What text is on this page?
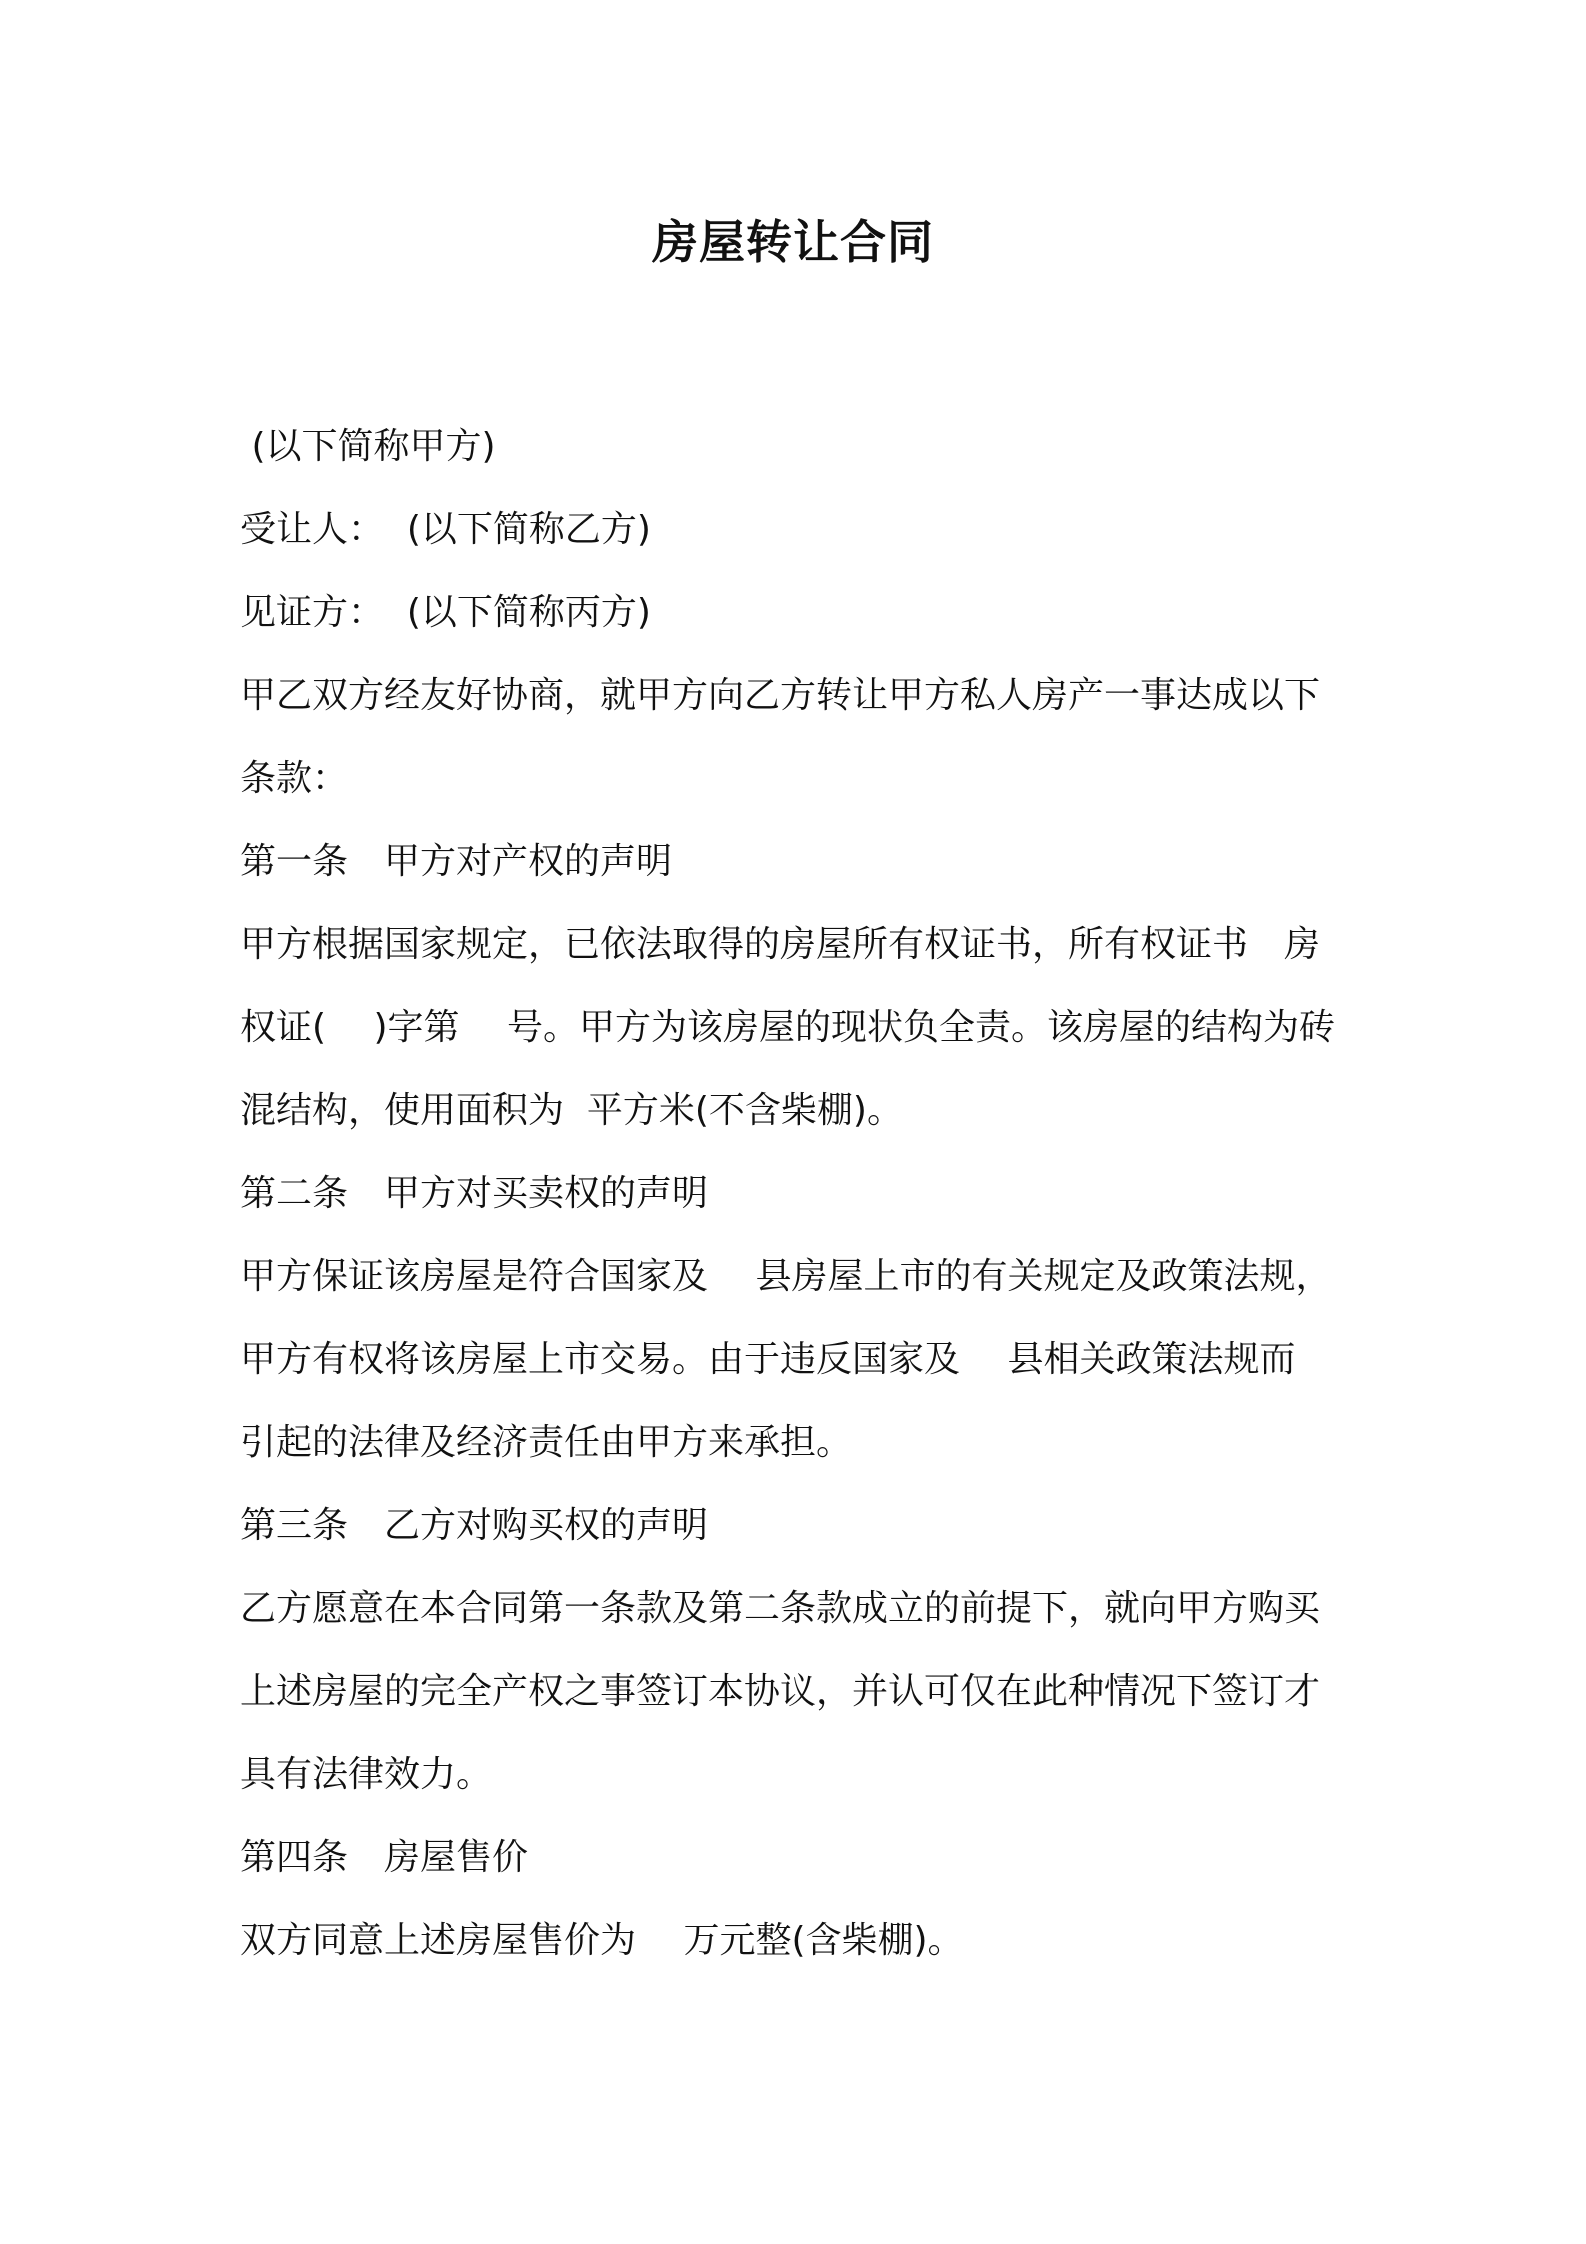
房屋转让合同
(以下简称甲方)
受让人：  (以下简称乙方)
见证方：  (以下简称丙方)
甲乙双方经友好协商，就甲方向乙方转让甲方私人房产一事达成以下
条款：
第一条　甲方对产权的声明
甲方根据国家规定，已依法取得的房屋所有权证书，所有权证书　房
权证(　 )字第　 号。甲方为该房屋的现状负全责。该房屋的结构为砖
混结构，使用面积为  平方米(不含柴棚)。
第二条　甲方对买卖权的声明
甲方保证该房屋是符合国家及　 县房屋上市的有关规定及政策法规，
甲方有权将该房屋上市交易。由于违反国家及　 县相关政策法规而
引起的法律及经济责任由甲方来承担。
第三条　乙方对购买权的声明
乙方愿意在本合同第一条款及第二条款成立的前提下，就向甲方购买
上述房屋的完全产权之事签订本协议，并认可仅在此种情况下签订才
具有法律效力。
第四条　房屋售价
双方同意上述房屋售价为　 万元整(含柴棚)。
